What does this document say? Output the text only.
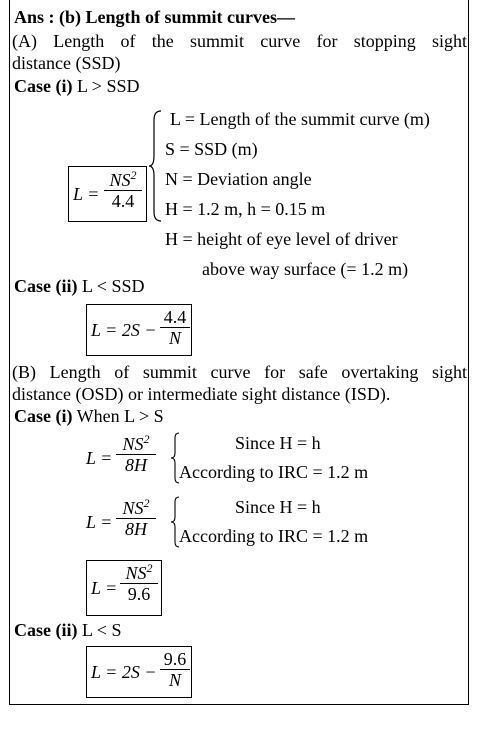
Ans : (b) Length of summit curves—
(A) Length of the summit curve for stopping sight
distance (SSD)
Case (i) L > SSD
$L = \frac{NS^2}{4.4}$
L = Length of the summit curve (m)
S = SSD (m)
N = Deviation angle
H = 1.2 m, h = 0.15 m
H = height of eye level of driver
above way surface (= 1.2 m)
Case (ii) L < SSD
$L = 2S - \frac{4.4}{N}$
(B) Length of summit curve for safe overtaking sight
distance (OSD) or intermediate sight distance (ISD).
Case (i) When L > S
$L = \frac{NS^2}{8H}$	Since H = h
According to IRC = 1.2 m
$L = \frac{NS^2}{8H}$	Since H = h
According to IRC = 1.2 m
$L = \frac{NS^2}{9.6}$
Case (ii) L < S
$L = 2S - \frac{9.6}{N}$
